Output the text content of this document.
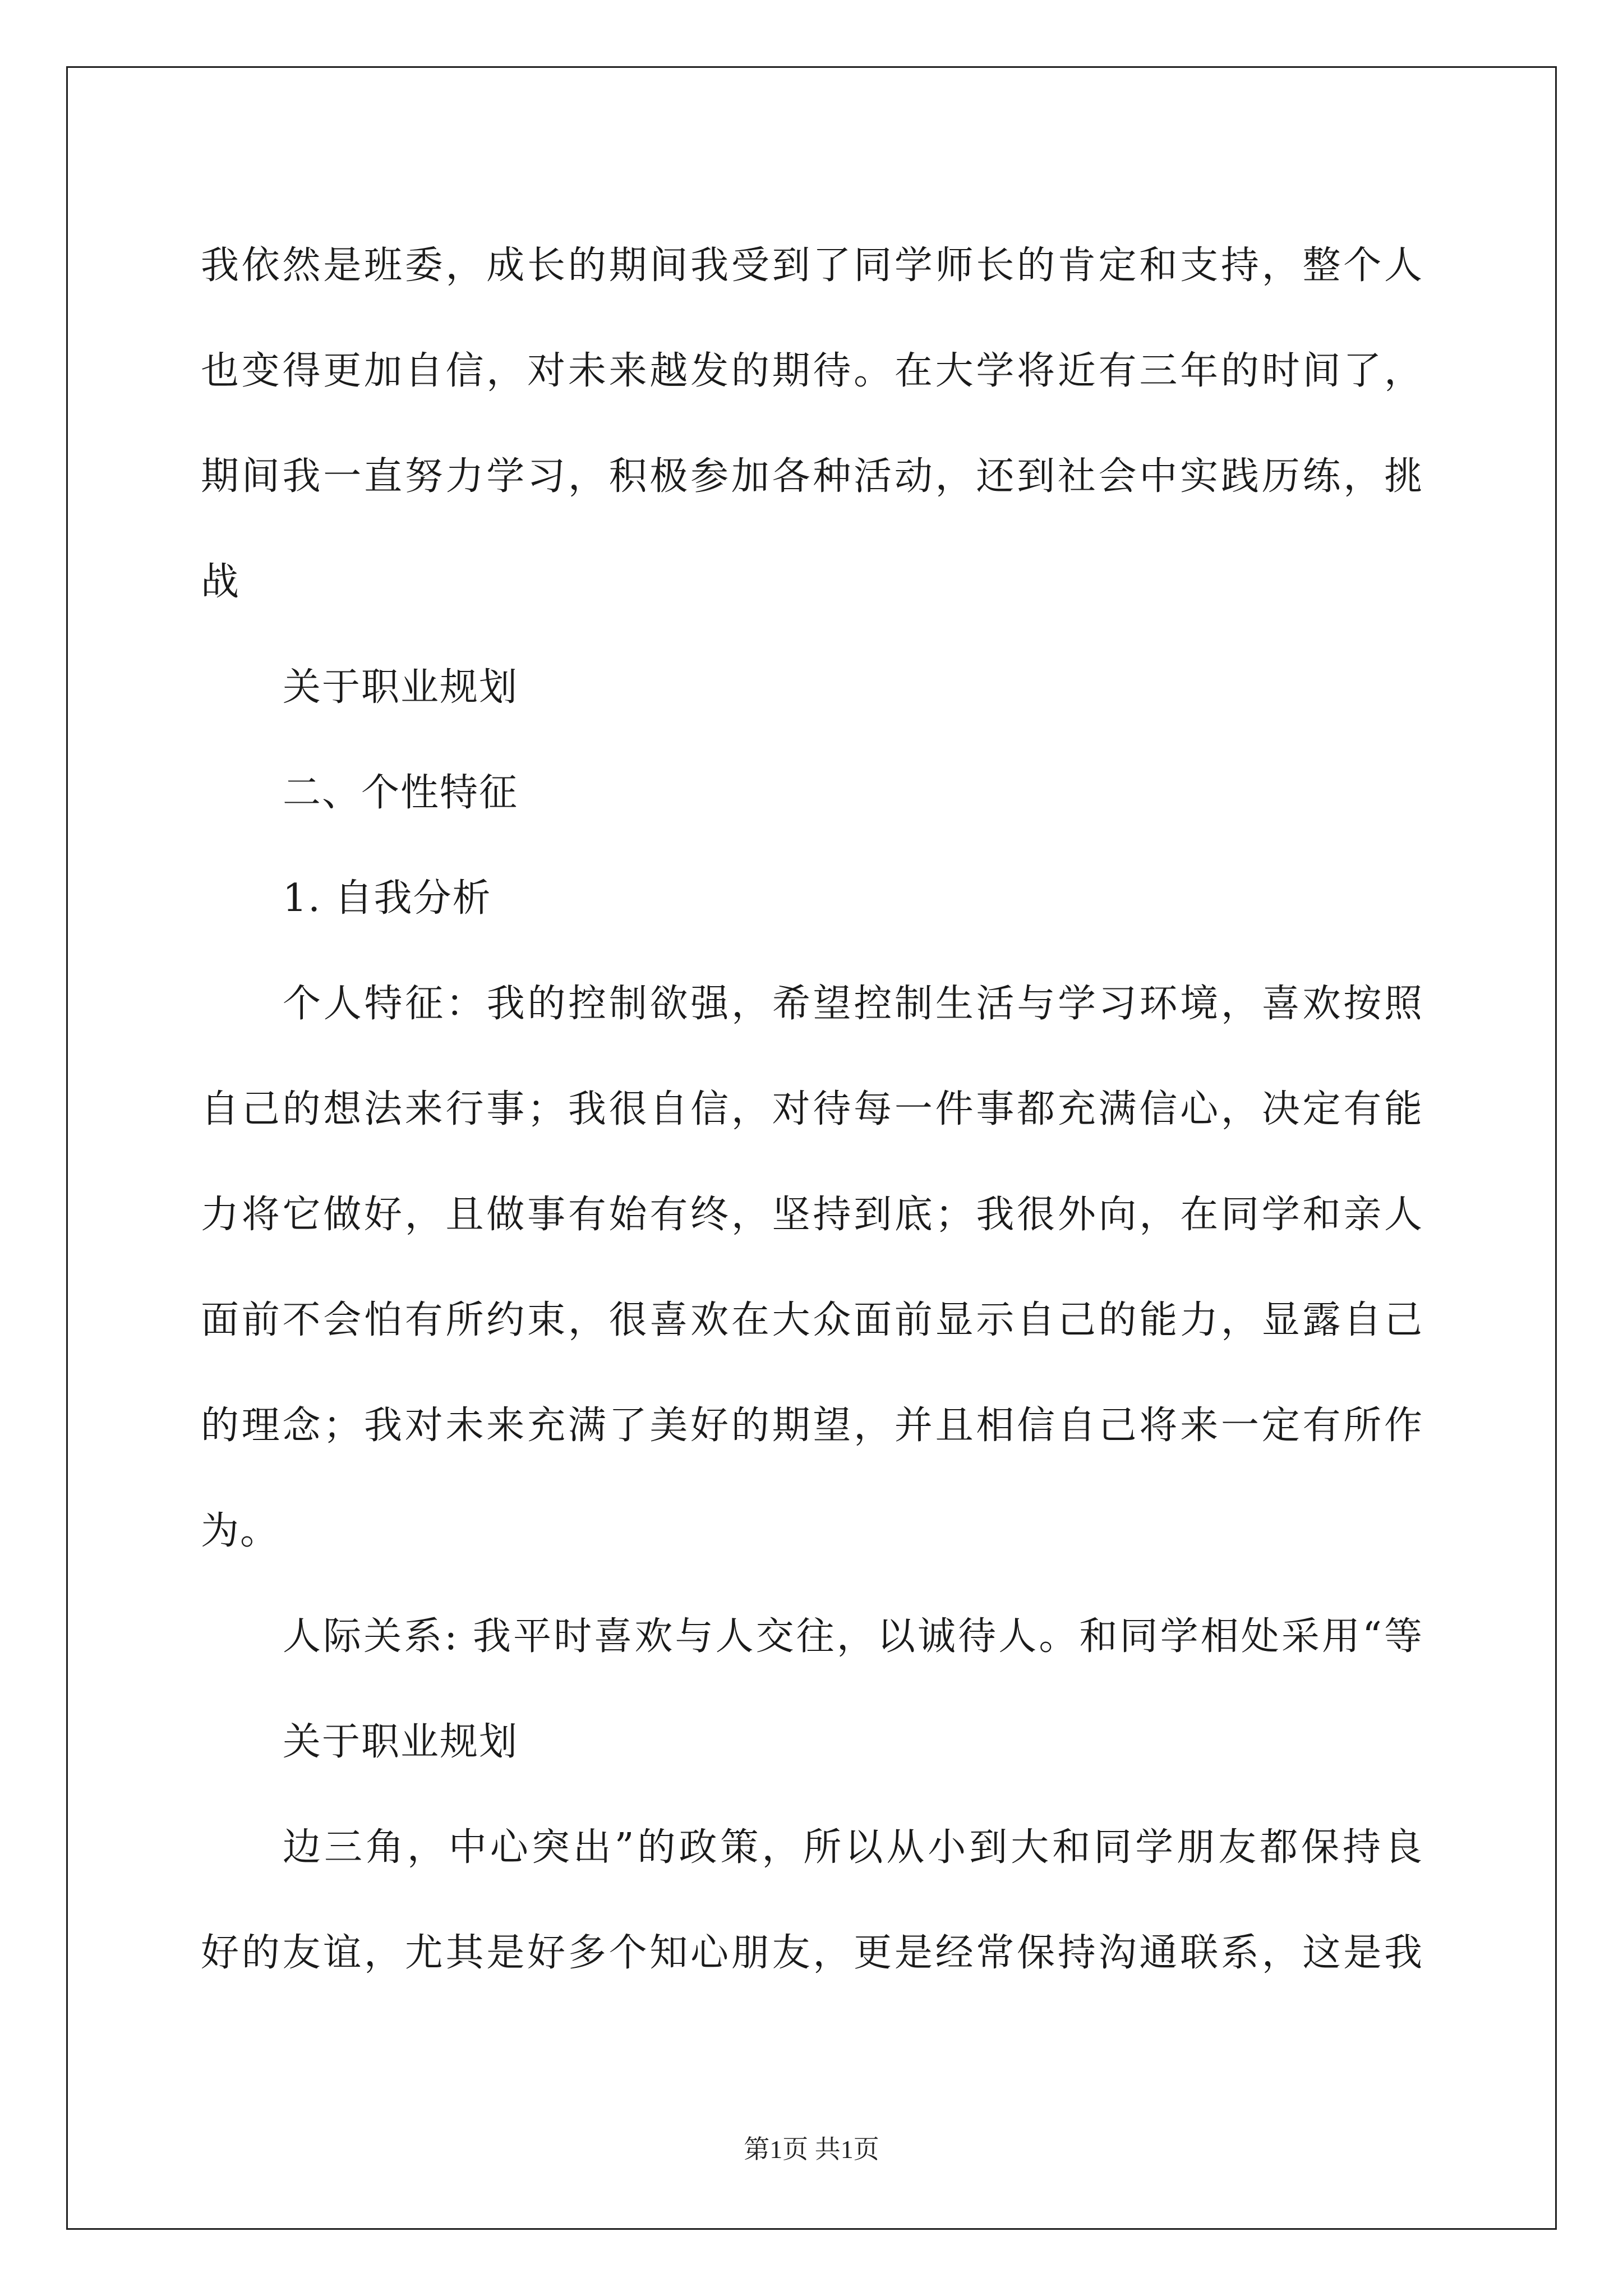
我依然是班委，成长的期间我受到了同学师长的肯定和支持，整个人
也变得更加自信，对未来越发的期待。在大学将近有三年的时间了，
期间我一直努力学习，积极参加各种活动，还到社会中实践历练，挑
战
关于职业规划
二、个性特征
1. 自我分析
个人特征：我的控制欲强，希望控制生活与学习环境，喜欢按照
自己的想法来行事；我很自信，对待每一件事都充满信心，决定有能
力将它做好，且做事有始有终，坚持到底；我很外向，在同学和亲人
面前不会怕有所约束，很喜欢在大众面前显示自己的能力，显露自己
的理念；我对未来充满了美好的期望，并且相信自己将来一定有所作
为。
人际关系: 我平时喜欢与人交往，以诚待人。和同学相处采用“等
关于职业规划
边三角，中心突出”的政策，所以从小到大和同学朋友都保持良
好的友谊，尤其是好多个知心朋友，更是经常保持沟通联系，这是我
第1页 共1页
